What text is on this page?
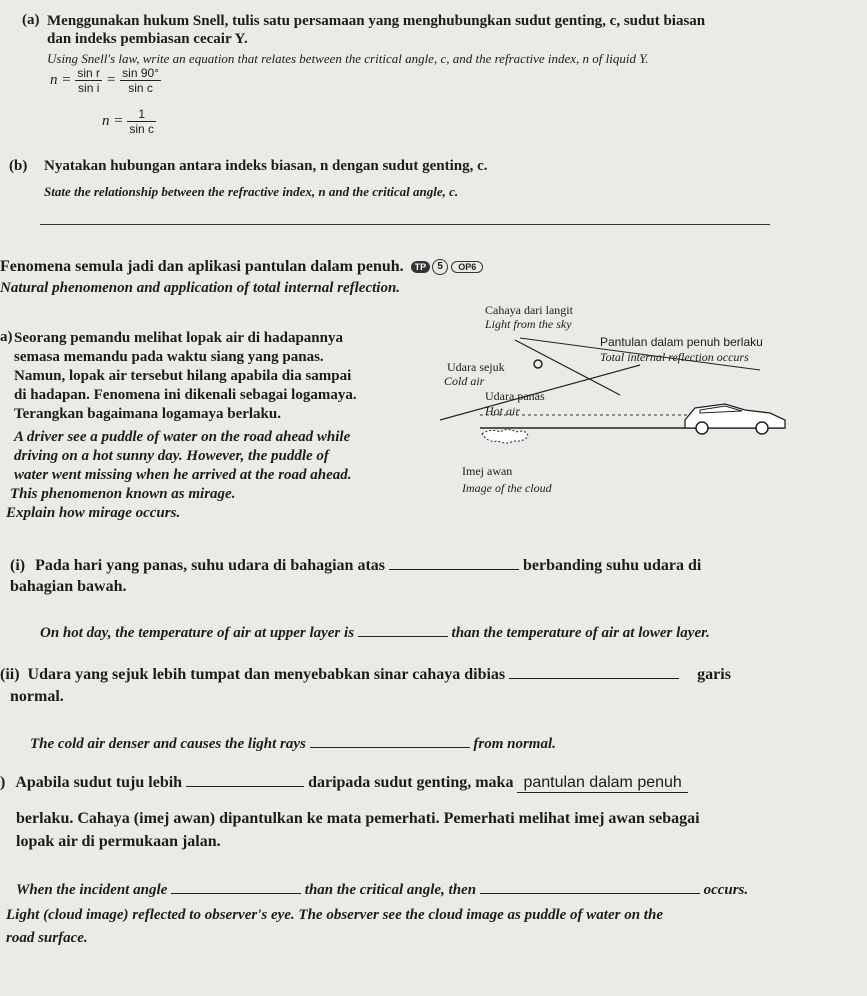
(a) Menggunakan hukum Snell, tulis satu persamaan yang menghubungkan sudut genting, c, sudut biasan
dan indeks pembiasan cecair Y.
Using Snell's law, write an equation that relates between the critical angle, c, and the refractive index, n of liquid Y.
$n = \frac{\text{sin r}}{\text{sin i}} = \frac{\sin 90^\circ}{\text{sin c}}$
$n = \frac{1}{\text{sin c}}$
(b) Nyatakan hubungan antara indeks biasan, n dengan sudut genting, c.
State the relationship between the refractive index, n and the critical angle, c.
Fenomena semula jadi dan aplikasi pantulan dalam penuh. TP 5 OP6
Natural phenomenon and application of total internal reflection.
a) Seorang pemandu melihat lopak air di hadapannya
semasa memandu pada waktu siang yang panas.
Namun, lopak air tersebut hilang apabila dia sampai
di hadapan. Fenomena ini dikenali sebagai logamaya.
Terangkan bagaimana logamaya berlaku.
A driver see a puddle of water on the road ahead while
driving on a hot sunny day. However, the puddle of
water went missing when he arrived at the road ahead.
This phenomenon known as mirage.
Explain how mirage occurs.
Cahaya dari langit
Light from the sky
Pantulan dalam penuh berlaku
Total internal reflection occurs
Udara sejuk
Cold air
Udara panas
Hot air
Imej awan
Image of the cloud
(i) Pada hari yang panas, suhu udara di bahagian atas	berbanding suhu udara di
bahagian bawah.
On hot day, the temperature of air at upper layer is	than the temperature of air at lower layer.
(ii) Udara yang sejuk lebih tumpat dan menyebabkan sinar cahaya dibias	garis
normal.
The cold air denser and causes the light rays	from normal.
) Apabila sudut tuju lebih	daripada sudut genting, maka pantulan dalam penuh
berlaku. Cahaya (imej awan) dipantulkan ke mata pemerhati. Pemerhati melihat imej awan sebagai
lopak air di permukaan jalan.
When the incident angle	than the critical angle, then	occurs.
Light (cloud image) reflected to observer's eye. The observer see the cloud image as puddle of water on the
road surface.
